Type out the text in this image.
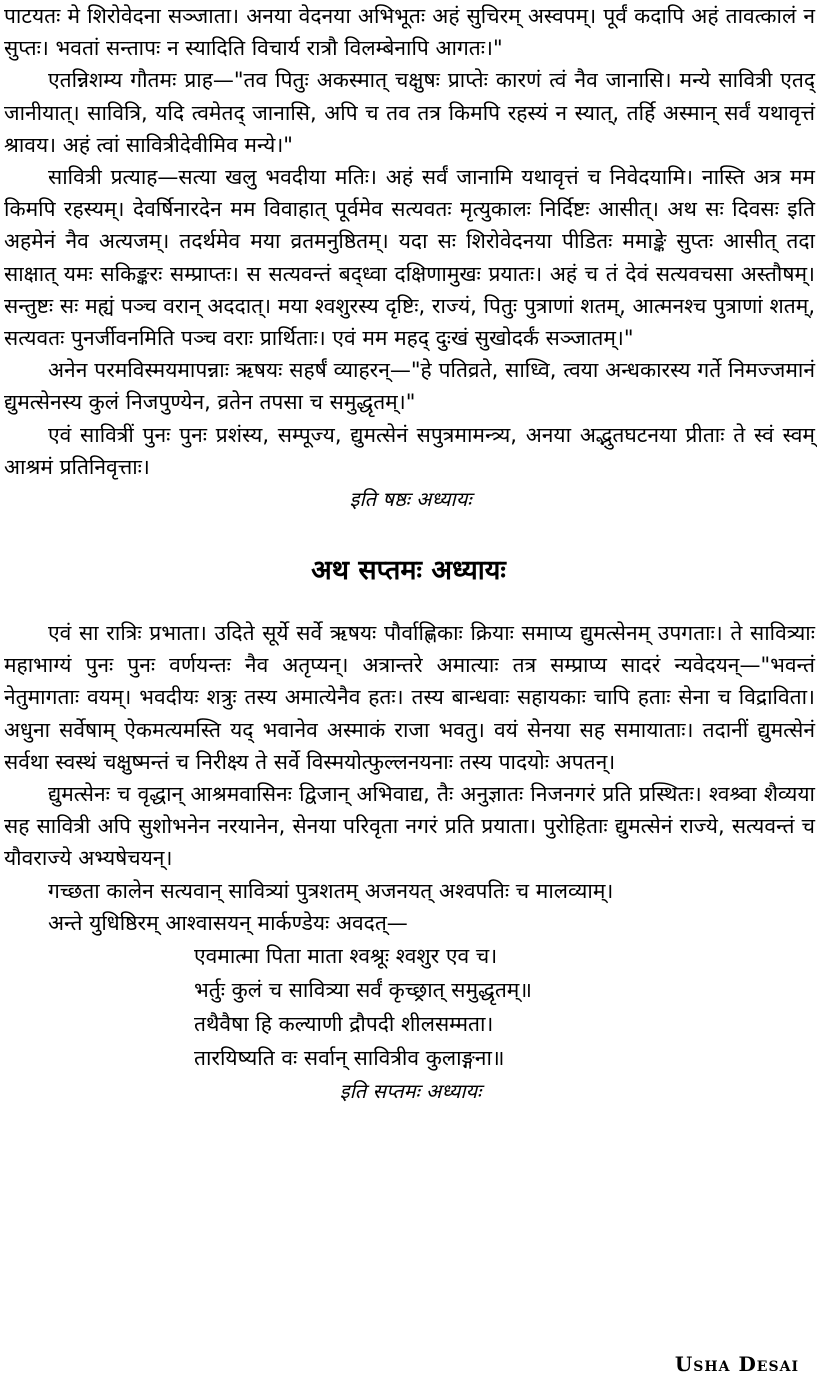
पाटयतः मे शिरोवेदना सञ्जाता। अनया वेदनया अभिभूतः अहं सुचिरम् अस्वपम्। पूर्वं कदापि अहं तावत्कालं न सुप्तः। भवतां सन्तापः न स्यादिति विचार्य रात्रौ विलम्बेनापि आगतः।"

एतन्निशम्य गौतमः प्राह—"तव पितुः अकस्मात् चक्षुषः प्राप्तेः कारणं त्वं नैव जानासि। मन्ये सावित्री एतद् जानीयात्। सावित्रि, यदि त्वमेतद् जानासि, अपि च तव तत्र किमपि रहस्यं न स्यात्, तर्हि अस्मान् सर्वं यथावृत्तं श्रावय। अहं त्वां सावित्रीदेवीमिव मन्ये।"

सावित्री प्रत्याह—सत्या खलु भवदीया मतिः। अहं सर्वं जानामि यथावृत्तं च निवेदयामि। नास्ति अत्र मम किमपि रहस्यम्। देवर्षिनारदेन मम विवाहात् पूर्वमेव सत्यवतः मृत्युकालः निर्दिष्टः आसीत्। अथ सः दिवसः इति अहमेनं नैव अत्यजम्। तदर्थमेव मया व्रतमनुष्ठितम्। यदा सः शिरोवेदनया पीडितः ममाङ्के सुप्तः आसीत् तदा साक्षात् यमः सकिङ्करः सम्प्राप्तः। स सत्यवन्तं बद्ध्वा दक्षिणामुखः प्रयातः। अहं च तं देवं सत्यवचसा अस्तौषम्। सन्तुष्टः सः मह्यं पञ्च वरान् अददात्। मया श्वशुरस्य दृष्टिः, राज्यं, पितुः पुत्राणां शतम्, आत्मनश्च पुत्राणां शतम्, सत्यवतः पुनर्जीवनमिति पञ्च वराः प्रार्थिताः। एवं मम महद् दुःखं सुखोदर्कं सञ्जातम्।"

अनेन परमविस्मयमापन्नाः ऋषयः सहर्षं व्याहरन्—"हे पतिव्रते, साध्वि, त्वया अन्धकारस्य गर्ते निमज्जमानं द्युमत्सेनस्य कुलं निजपुण्येन, व्रतेन तपसा च समुद्धृतम्।"

एवं सावित्रीं पुनः पुनः प्रशंस्य, सम्पूज्य, द्युमत्सेनं सपुत्रमामन्त्र्य, अनया अद्भुतघटनया प्रीताः ते स्वं स्वम् आश्रमं प्रतिनिवृत्ताः।

इति षष्ठः अध्यायः

अथ सप्तमः अध्यायः

एवं सा रात्रिः प्रभाता। उदिते सूर्ये सर्वे ऋषयः पौर्वाह्णिकाः क्रियाः समाप्य द्युमत्सेनम् उपगताः। ते सावित्र्याः महाभाग्यं पुनः पुनः वर्णयन्तः नैव अतृप्यन्। अत्रान्तरे अमात्याः तत्र सम्प्राप्य सादरं न्यवेदयन्—"भवन्तं नेतुमागताः वयम्। भवदीयः शत्रुः तस्य अमात्येनैव हतः। तस्य बान्धवाः सहायकाः चापि हताः सेना च विद्राविता। अधुना सर्वेषाम् ऐकमत्यमस्ति यद् भवानेव अस्माकं राजा भवतु। वयं सेनया सह समायाताः। तदानीं द्युमत्सेनं सर्वथा स्वस्थं चक्षुष्मन्तं च निरीक्ष्य ते सर्वे विस्मयोत्फुल्लनयनाः तस्य पादयोः अपतन्।

द्युमत्सेनः च वृद्धान् आश्रमवासिनः द्विजान् अभिवाद्य, तैः अनुज्ञातः निजनगरं प्रति प्रस्थितः। श्वश्र्वा शैव्यया सह सावित्री अपि सुशोभनेन नरयानेन, सेनया परिवृता नगरं प्रति प्रयाता। पुरोहिताः द्युमत्सेनं राज्ये, सत्यवन्तं च यौवराज्ये अभ्यषेचयन्।

गच्छता कालेन सत्यवान् सावित्र्यां पुत्रशतम् अजनयत् अश्वपतिः च मालव्याम्।

अन्ते युधिष्ठिरम् आश्वासयन् मार्कण्डेयः अवदत्—

एवमात्मा पिता माता श्वश्रूः श्वशुर एव च।
भर्तुः कुलं च सावित्र्या सर्वं कृच्छ्रात् समुद्धृतम्॥
तथैवैषा हि कल्याणी द्रौपदी शीलसम्मता।
तारयिष्यति वः सर्वान् सावित्रीव कुलाङ्गना॥

इति सप्तमः अध्यायः

Usha Desai
